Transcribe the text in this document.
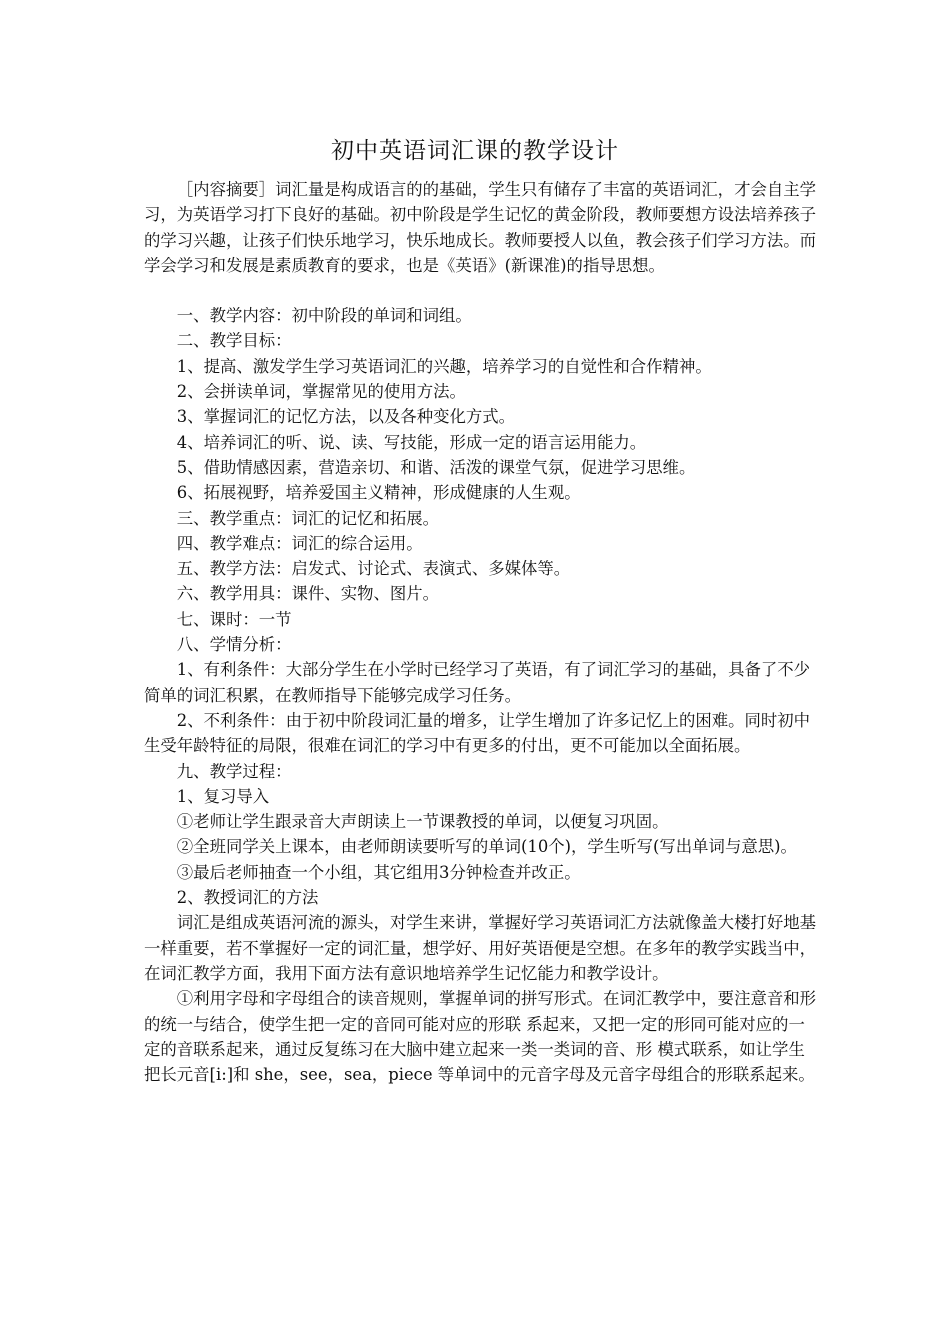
初中英语词汇课的教学设计

［内容摘要］词汇量是构成语言的的基础，学生只有储存了丰富的英语词汇，才会自主学习，为英语学习打下良好的基础。初中阶段是学生记忆的黄金阶段，教师要想方设法培养孩子的学习兴趣，让孩子们快乐地学习，快乐地成长。教师要授人以鱼，教会孩子们学习方法。而学会学习和发展是素质教育的要求，也是《英语》(新课准)的指导思想。

一、教学内容：初中阶段的单词和词组。

二、教学目标：

1、提高、激发学生学习英语词汇的兴趣，培养学习的自觉性和合作精神。

2、会拼读单词，掌握常见的使用方法。

3、掌握词汇的记忆方法，以及各种变化方式。

4、培养词汇的听、说、读、写技能，形成一定的语言运用能力。

5、借助情感因素，营造亲切、和谐、活泼的课堂气氛，促进学习思维。

6、拓展视野，培养爱国主义精神，形成健康的人生观。

三、教学重点：词汇的记忆和拓展。

四、教学难点：词汇的综合运用。

五、教学方法：启发式、讨论式、表演式、多媒体等。

六、教学用具：课件、实物、图片。

七、课时：一节

八、学情分析：

1、有利条件：大部分学生在小学时已经学习了英语，有了词汇学习的基础，具备了不少简单的词汇积累，在教师指导下能够完成学习任务。

2、不利条件：由于初中阶段词汇量的增多，让学生增加了许多记忆上的困难。同时初中生受年龄特征的局限，很难在词汇的学习中有更多的付出，更不可能加以全面拓展。

九、教学过程：

1、复习导入

①老师让学生跟录音大声朗读上一节课教授的单词，以便复习巩固。

②全班同学关上课本，由老师朗读要听写的单词(10个)，学生听写(写出单词与意思)。

③最后老师抽查一个小组，其它组用3分钟检查并改正。

2、教授词汇的方法

词汇是组成英语河流的源头，对学生来讲，掌握好学习英语词汇方法就像盖大楼打好地基一样重要，若不掌握好一定的词汇量，想学好、用好英语便是空想。在多年的教学实践当中，在词汇教学方面，我用下面方法有意识地培养学生记忆能力和教学设计。

①利用字母和字母组合的读音规则，掌握单词的拼写形式。在词汇教学中，要注意音和形的统一与结合，使学生把一定的音同可能对应的形联 系起来，又把一定的形同可能对应的一定的音联系起来，通过反复练习在大脑中建立起来一类一类词的音、形 模式联系，如让学生把长元音[i:]和 she，see，sea，piece 等单词中的元音字母及元音字母组合的形联系起来。
